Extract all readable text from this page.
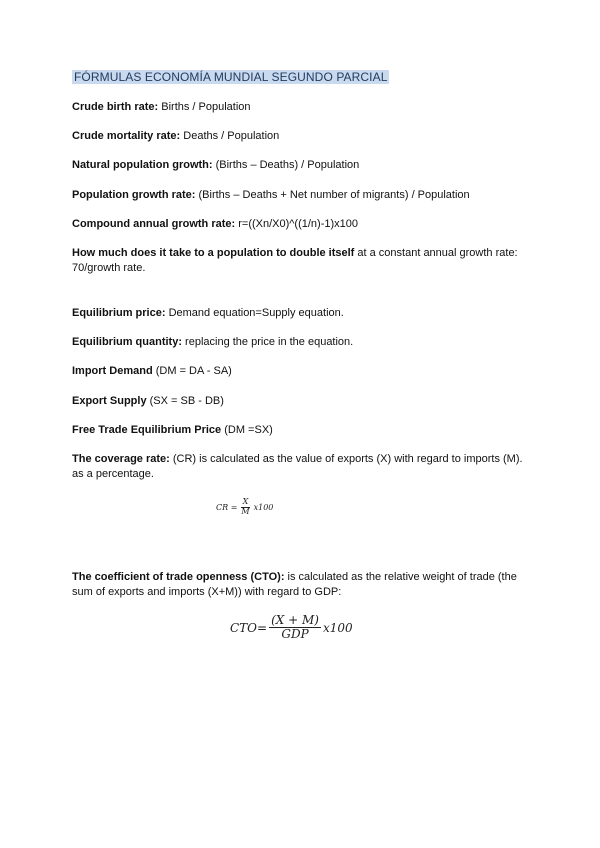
FÓRMULAS ECONOMÍA MUNDIAL SEGUNDO PARCIAL
Crude birth rate: Births / Population
Crude mortality rate: Deaths / Population
Natural population growth: (Births – Deaths) / Population
Population growth rate: (Births – Deaths + Net number of migrants) / Population
Compound annual growth rate: r=((Xn/X0)^((1/n)-1)x100
How much does it take to a population to double itself at a constant annual growth rate: 70/growth rate.
Equilibrium price: Demand equation=Supply equation.
Equilibrium quantity: replacing the price in the equation.
Import Demand (DM = DA - SA)
Export Supply (SX = SB - DB)
Free Trade Equilibrium Price (DM =SX)
The coverage rate: (CR) is calculated as the value of exports (X) with regard to imports (M). as a percentage.
CR = $\frac{X}{M} x100$
The coefficient of trade openness (CTO): is calculated as the relative weight of trade (the sum of exports and imports (X+M)) with regard to GDP:
$CTO= \frac{(X + M)}{\text{GDP}} x100$
